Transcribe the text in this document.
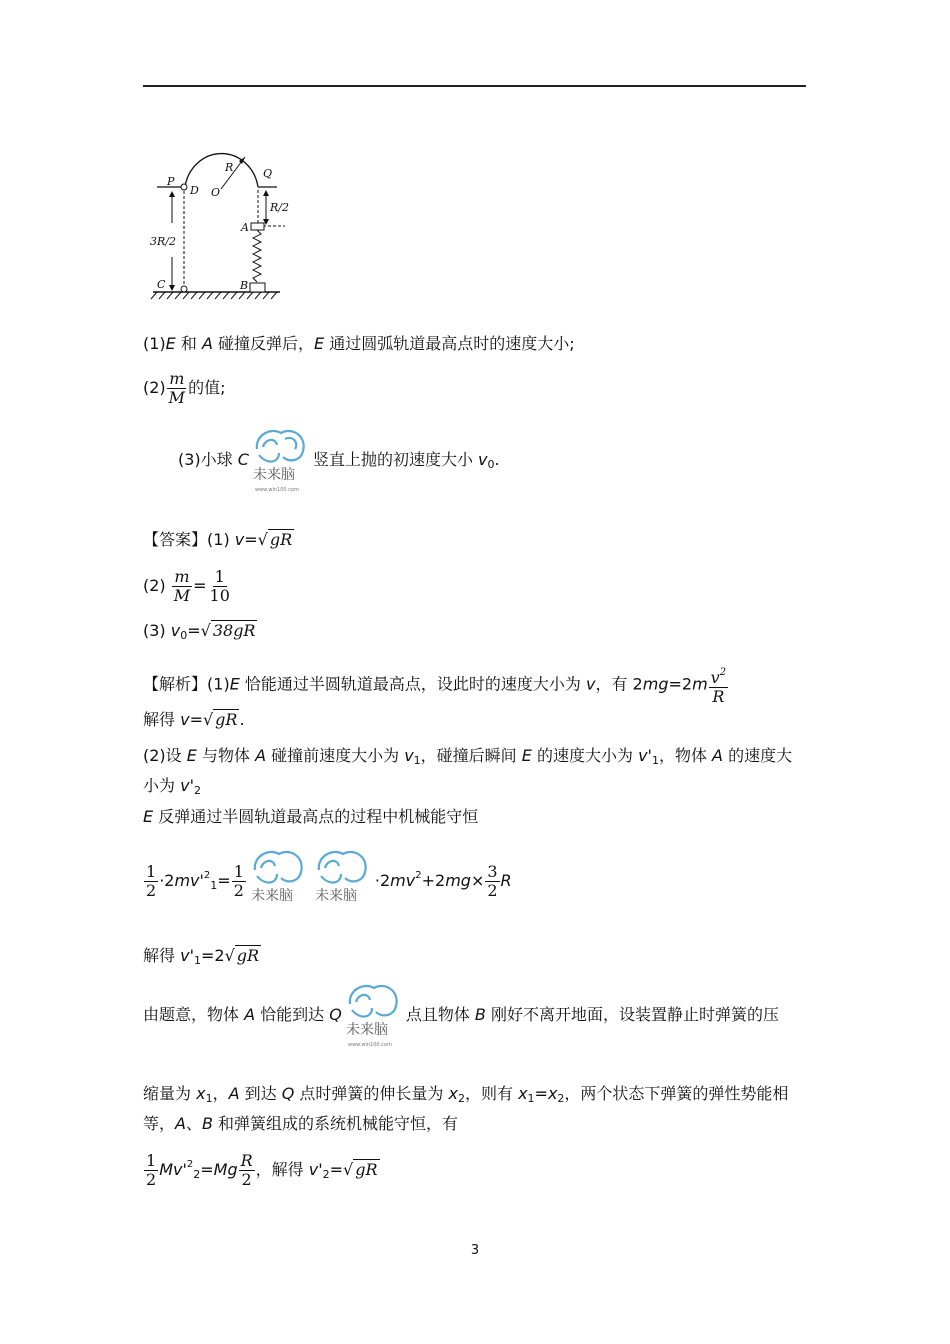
P
D O
R	Q
R/2
A
3R/2
C	B
(1)E 和 A 碰撞反弹后，E 通过圆弧轨道最高点时的速度大小;
$(2) \frac{m}{M}$ 的值;
(3)小球 C
未来脑
www.wln100.com
竖直上抛的初速度大小 $v_0$.
【答案】(1) v=√ gR
$(2) \frac{m}{M} = \frac{1}{10}$
(3) $v_0=√$ 38gR
【解析】(1)E 恰能通过半圆轨道最高点，设此时的速度大小为 v，有 $2mg=2m \frac{v^2}{R}$
解得 v=√ gR .
(2)设 E 与物体 A 碰撞前速度大小为 $v_1$，碰撞后瞬间 E 的速度大小为 $v'_1$，物体 A 的速度大
小为 $v'_2$
E 反弹通过半圆轨道最高点的过程中机械能守恒
$\frac{1}{2} \cdot 2mv'^2_1= \frac{1}{2}$ 未来脑 未来脑
$\cdot 2mv^2+2mg\times \frac{3}{2}$ R
解得 $v'_1=2√$ gR
由题意，物体 A 恰能到达 Q
未来脑
www.wln100.com
点且物体 B 刚好不离开地面，设装置静止时弹簧的压
缩量为 $x_1$，A 到达 Q 点时弹簧的伸长量为 $x_2$，则有 $x_1=x_2$，两个状态下弹簧的弹性势能相
等，A、B 和弹簧组成的系统机械能守恒，有
$\frac{1}{2} Mv'^2_2=Mg \frac{R}{2}$ ，解得 $v'_2=√$ gR
3
